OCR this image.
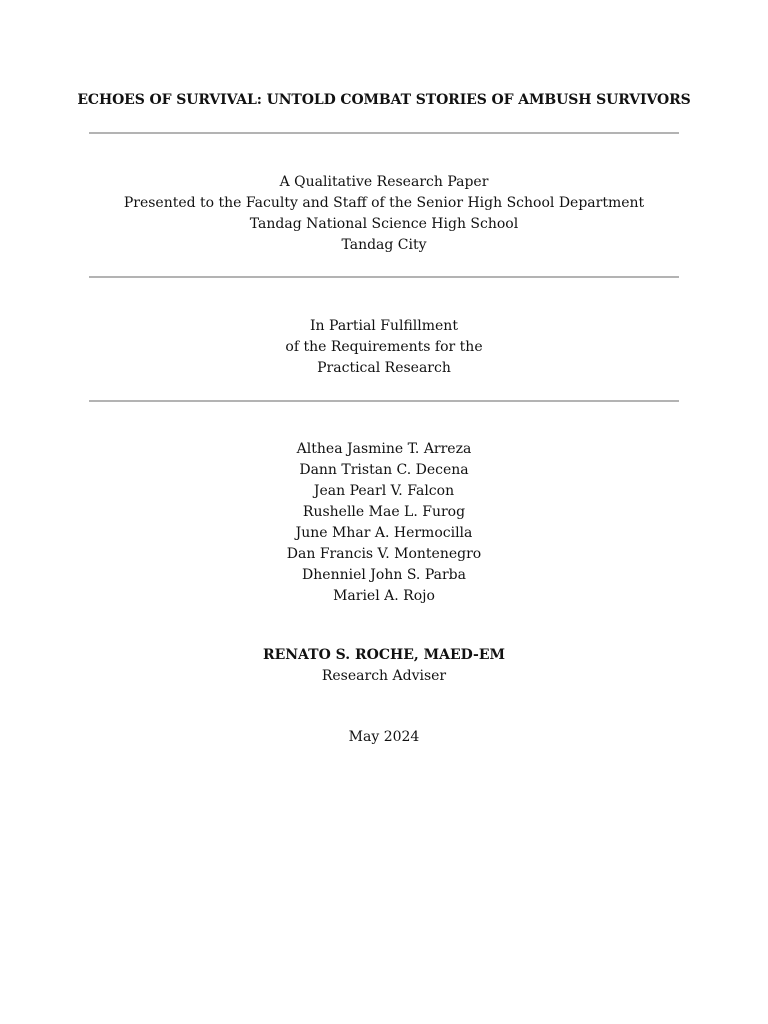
ECHOES OF SURVIVAL: UNTOLD COMBAT STORIES OF AMBUSH SURVIVORS
A Qualitative Research Paper
Presented to the Faculty and Staff of the Senior High School Department
Tandag National Science High School
Tandag City
In Partial Fulfillment
of the Requirements for the
Practical Research
Althea Jasmine T. Arreza
Dann Tristan C. Decena
Jean Pearl V. Falcon
Rushelle Mae L. Furog
June Mhar A. Hermocilla
Dan Francis V. Montenegro
Dhenniel John S. Parba
Mariel A. Rojo
RENATO S. ROCHE, MAED-EM
Research Adviser
May 2024
